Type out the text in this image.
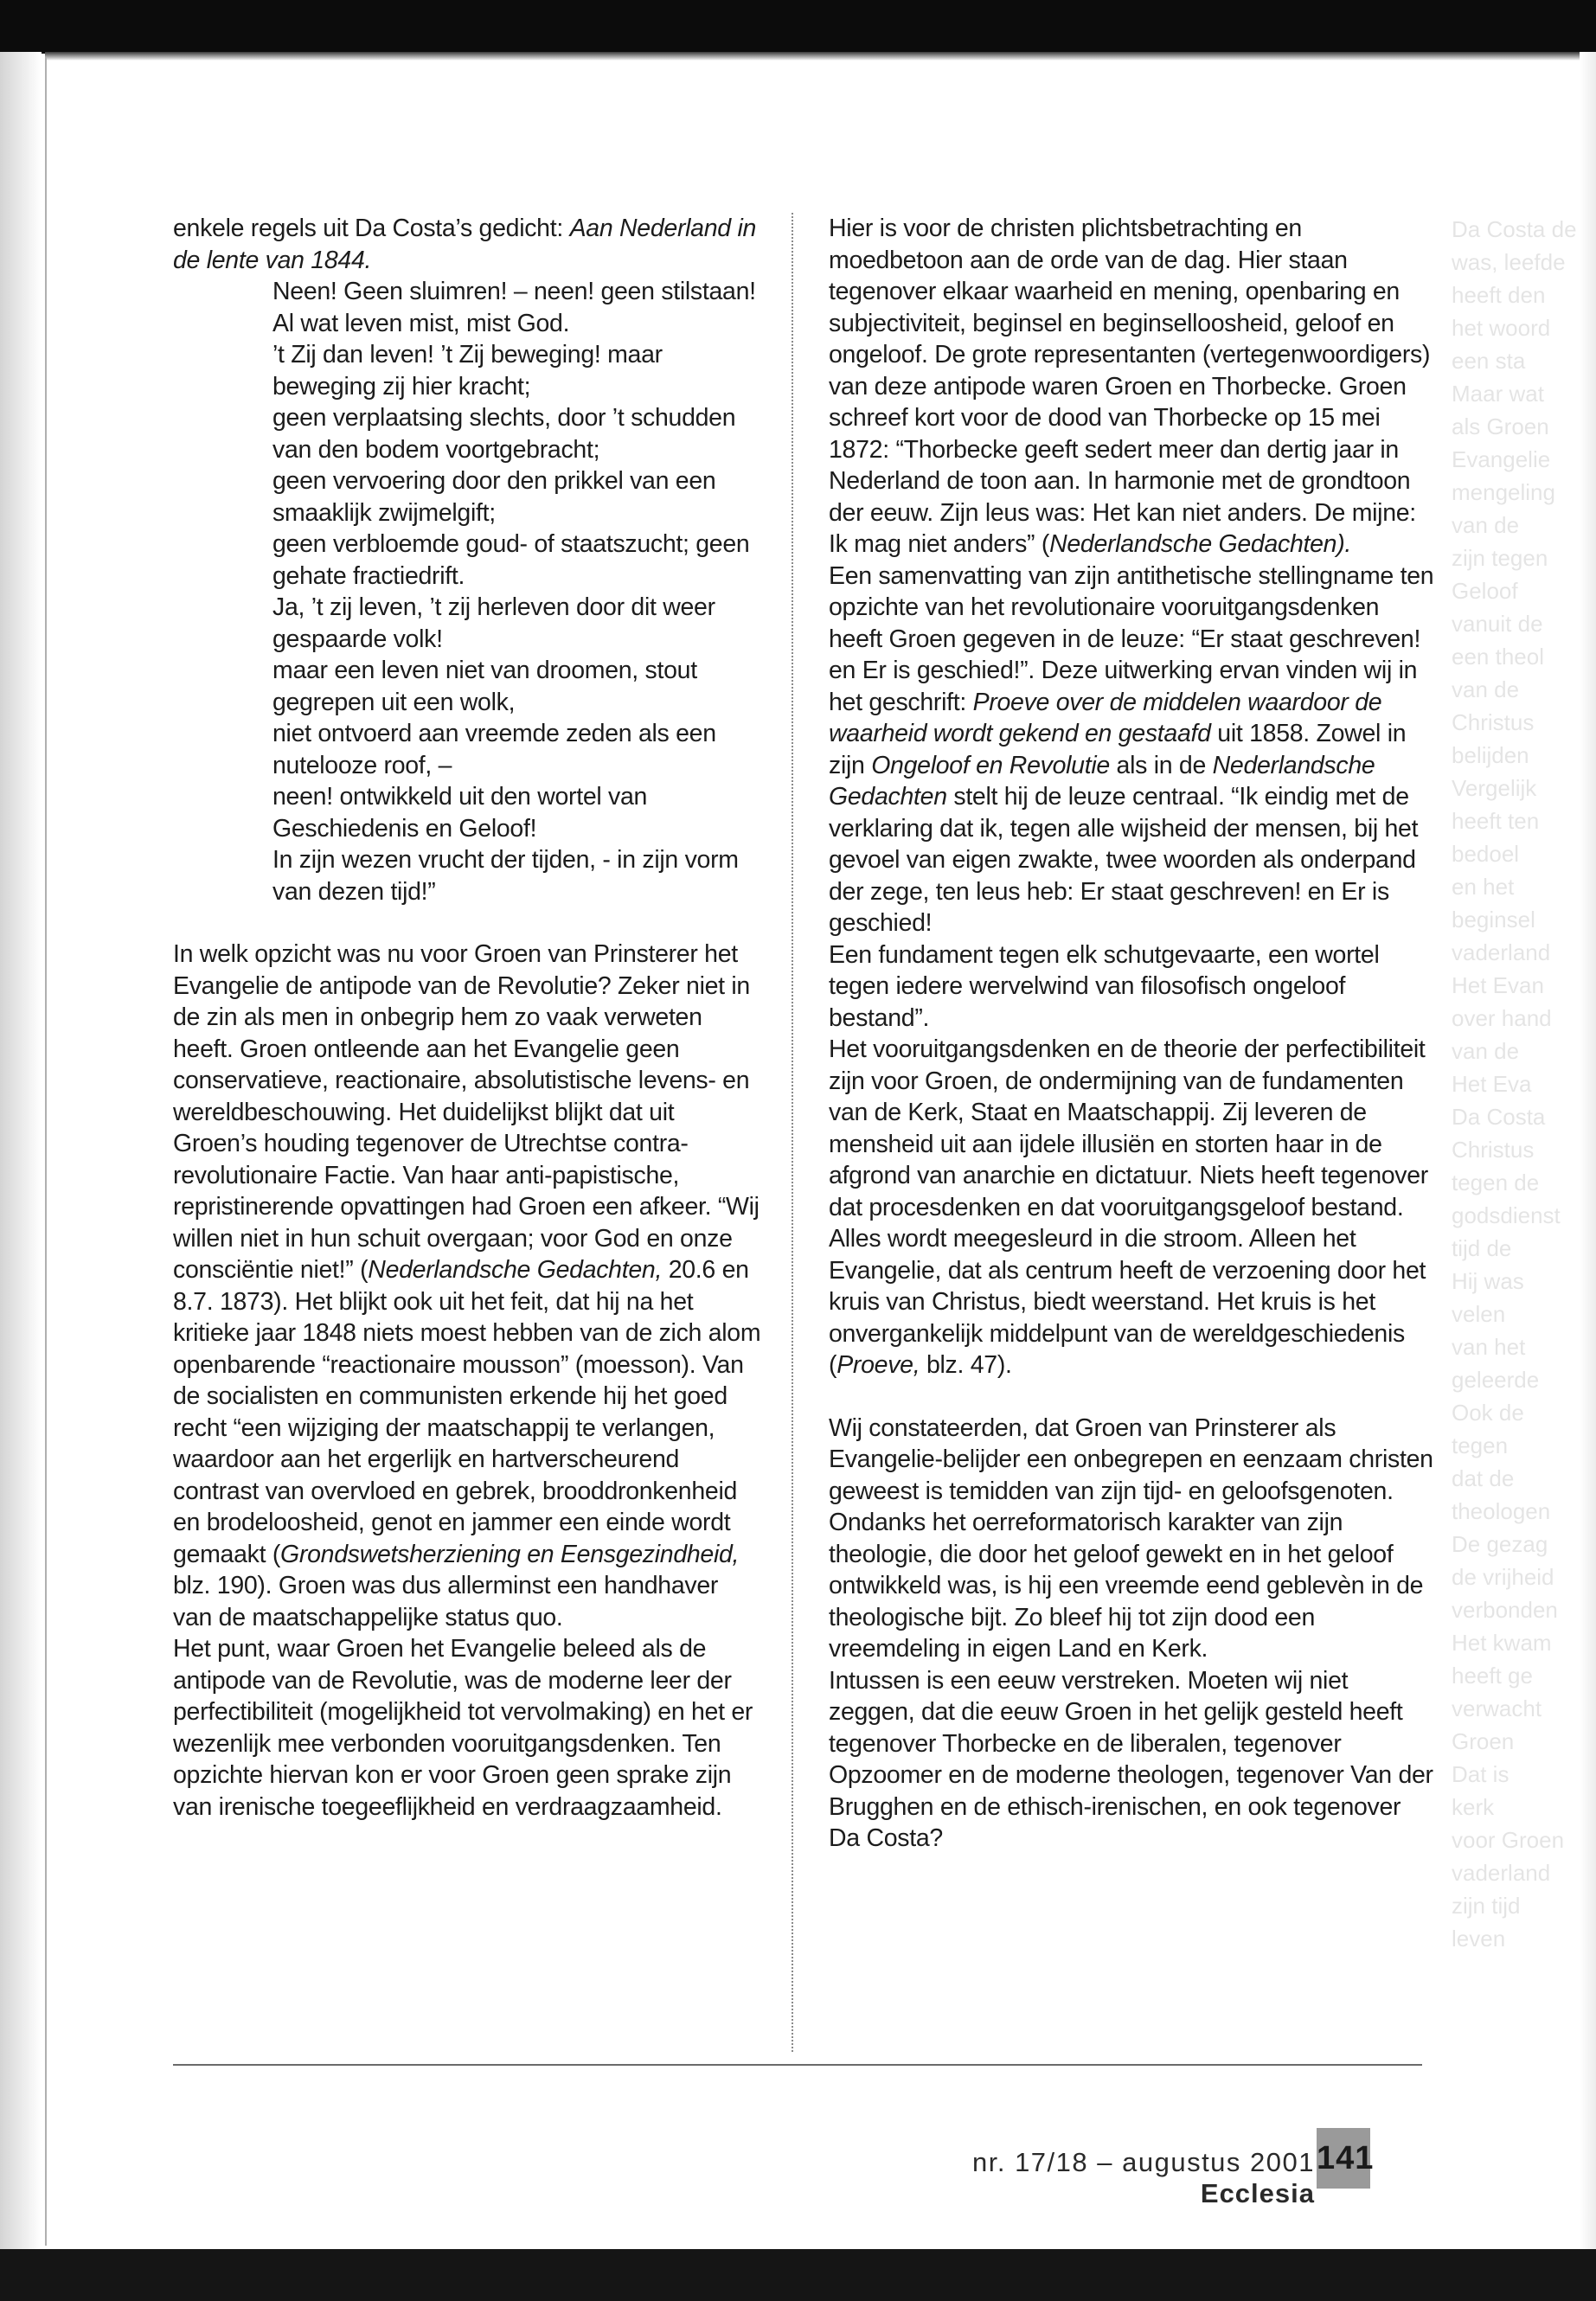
Da Costa de

was, leefde

heeft den

het woord

een sta

Maar wat

als Groen

Evangelie

mengeling

van de

zijn tegen

Geloof

vanuit de

een theol

van de

Christus

belijden

Vergelijk

heeft ten

bedoel

en het

beginsel

vaderland

Het Evan

over hand

van de

Het Eva

Da Costa

Christus

tegen de

godsdienst

tijd de

Hij was

velen

van het

geleerde

Ook de

tegen

dat de

theologen

De gezag

de vrijheid

verbonden

Het kwam

heeft ge

verwacht

Groen

Dat is

kerk

voor Groen

vaderland

zijn tijd

leven

enkele regels uit Da Costa’s gedicht: Aan Nederland in de lente van 1844.

Neen! Geen sluimren! – neen! geen stilstaan!
Al wat leven mist, mist God.
’t Zij dan leven! ’t Zij beweging! maar beweging zij hier kracht;
geen verplaatsing slechts, door ’t schudden van den bodem voortgebracht;
geen vervoering door den prikkel van een smaaklijk zwijmelgift;
geen verbloemde goud- of staatszucht; geen gehate fractiedrift.
Ja, ’t zij leven, ’t zij herleven door dit weer gespaarde volk!
maar een leven niet van droomen, stout gegrepen uit een wolk,
niet ontvoerd aan vreemde zeden als een nutelooze roof, –
neen! ontwikkeld uit den wortel van Geschiedenis en Geloof!
In zijn wezen vrucht der tijden, - in zijn vorm van dezen tijd!”

In welk opzicht was nu voor Groen van Prinsterer het Evangelie de antipode van de Revolutie? Zeker niet in de zin als men in onbegrip hem zo vaak verweten heeft. Groen ontleende aan het Evangelie geen conservatieve, reactionaire, absolutistische levens- en wereldbeschouwing. Het duidelijkst blijkt dat uit Groen’s houding tegenover de Utrechtse contra-revolutionaire Factie. Van haar anti-papistische, repristinerende opvattingen had Groen een afkeer. “Wij willen niet in hun schuit overgaan; voor God en onze consciëntie niet!” (Nederlandsche Gedachten, 20.6 en 8.7. 1873). Het blijkt ook uit het feit, dat hij na het kritieke jaar 1848 niets moest hebben van de zich alom openbarende “reactionaire mousson” (moesson). Van de socialisten en communisten erkende hij het goed recht “een wijziging der maatschappij te verlangen, waardoor aan het ergerlijk en hartverscheurend contrast van overvloed en gebrek, brooddronkenheid en brodeloosheid, genot en jammer een einde wordt gemaakt (Grondswetsherziening en Eensgezindheid, blz. 190). Groen was dus allerminst een handhaver van de maatschappelijke status quo.

Het punt, waar Groen het Evangelie beleed als de antipode van de Revolutie, was de moderne leer der perfectibiliteit (mogelijkheid tot vervolmaking) en het er wezenlijk mee verbonden vooruitgangsdenken. Ten opzichte hiervan kon er voor Groen geen sprake zijn van irenische toegeeflijkheid en verdraagzaamheid.

Hier is voor de christen plichtsbetrachting en moedbetoon aan de orde van de dag. Hier staan tegenover elkaar waarheid en mening, openbaring en subjectiviteit, beginsel en beginselloosheid, geloof en ongeloof. De grote representanten (vertegenwoordigers) van deze antipode waren Groen en Thorbecke. Groen schreef kort voor de dood van Thorbecke op 15 mei 1872: “Thorbecke geeft sedert meer dan dertig jaar in Nederland de toon aan. In harmonie met de grondtoon der eeuw. Zijn leus was: Het kan niet anders. De mijne: Ik mag niet anders” (Nederlandsche Gedachten).

Een samenvatting van zijn antithetische stellingname ten opzichte van het revolutionaire vooruitgangsdenken heeft Groen gegeven in de leuze: “Er staat geschreven! en Er is geschied!”. Deze uitwerking ervan vinden wij in het geschrift: Proeve over de middelen waardoor de waarheid wordt gekend en gestaafd uit 1858. Zowel in zijn Ongeloof en Revolutie als in de Nederlandsche Gedachten stelt hij de leuze centraal. “Ik eindig met de verklaring dat ik, tegen alle wijsheid der mensen, bij het gevoel van eigen zwakte, twee woorden als onderpand der zege, ten leus heb: Er staat geschreven! en Er is geschied!

Een fundament tegen elk schutgevaarte, een wortel tegen iedere wervelwind van filosofisch ongeloof bestand”.

Het vooruitgangsdenken en de theorie der perfectibiliteit zijn voor Groen, de ondermijning van de fundamenten van de Kerk, Staat en Maatschappij. Zij leveren de mensheid uit aan ijdele illusiën en storten haar in de afgrond van anarchie en dictatuur. Niets heeft tegenover dat procesdenken en dat vooruitgangsgeloof bestand. Alles wordt meegesleurd in die stroom. Alleen het Evangelie, dat als centrum heeft de verzoening door het kruis van Christus, biedt weerstand. Het kruis is het onvergankelijk middelpunt van de wereldgeschiedenis (Proeve, blz. 47).

Wij constateerden, dat Groen van Prinsterer als Evangelie-belijder een onbegrepen en eenzaam christen geweest is temidden van zijn tijd- en geloofsgenoten. Ondanks het oerreformatorisch karakter van zijn theologie, die door het geloof gewekt en in het geloof ontwikkeld was, is hij een vreemde eend geblevèn in de theologische bijt. Zo bleef hij tot zijn dood een vreemdeling in eigen Land en Kerk.

Intussen is een eeuw verstreken. Moeten wij niet zeggen, dat die eeuw Groen in het gelijk gesteld heeft tegenover Thorbecke en de liberalen, tegenover Opzoomer en de moderne theologen, tegenover Van der Brugghen en de ethisch-irenischen, en ook tegenover Da Costa?

nr. 17/18 – augustus 2001 Ecclesia
141
